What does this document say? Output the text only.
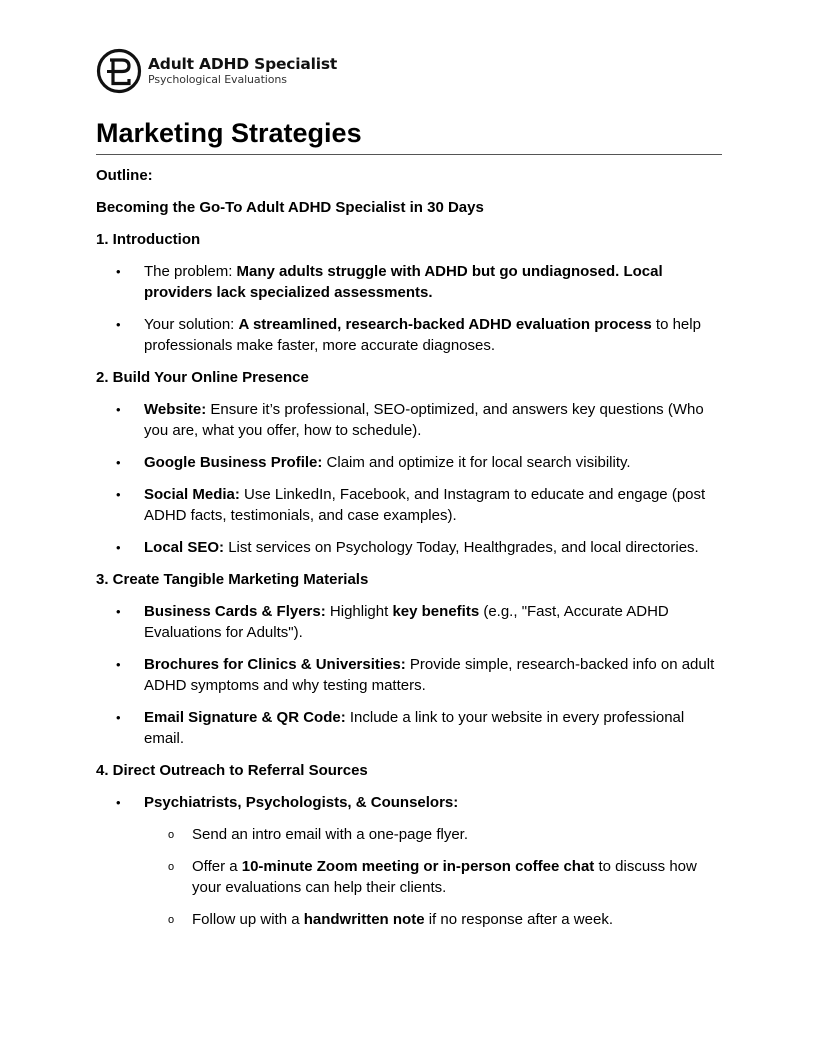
Adult ADHD Specialist
Psychological Evaluations
Marketing Strategies

Outline:

Becoming the Go-To Adult ADHD Specialist in 30 Days

1. Introduction

• The problem: Many adults struggle with ADHD but go undiagnosed. Local providers lack specialized assessments.
• Your solution: A streamlined, research-backed ADHD evaluation process to help professionals make faster, more accurate diagnoses.

2. Build Your Online Presence

• Website: Ensure it’s professional, SEO-optimized, and answers key questions (Who you are, what you offer, how to schedule).
• Google Business Profile: Claim and optimize it for local search visibility.
• Social Media: Use LinkedIn, Facebook, and Instagram to educate and engage (post ADHD facts, testimonials, and case examples).
• Local SEO: List services on Psychology Today, Healthgrades, and local directories.

3. Create Tangible Marketing Materials

• Business Cards & Flyers: Highlight key benefits (e.g., "Fast, Accurate ADHD Evaluations for Adults").
• Brochures for Clinics & Universities: Provide simple, research-backed info on adult ADHD symptoms and why testing matters.
• Email Signature & QR Code: Include a link to your website in every professional email.

4. Direct Outreach to Referral Sources

• Psychiatrists, Psychologists, & Counselors:
o Send an intro email with a one-page flyer.
o Offer a 10-minute Zoom meeting or in-person coffee chat to discuss how your evaluations can help their clients.
o Follow up with a handwritten note if no response after a week.
